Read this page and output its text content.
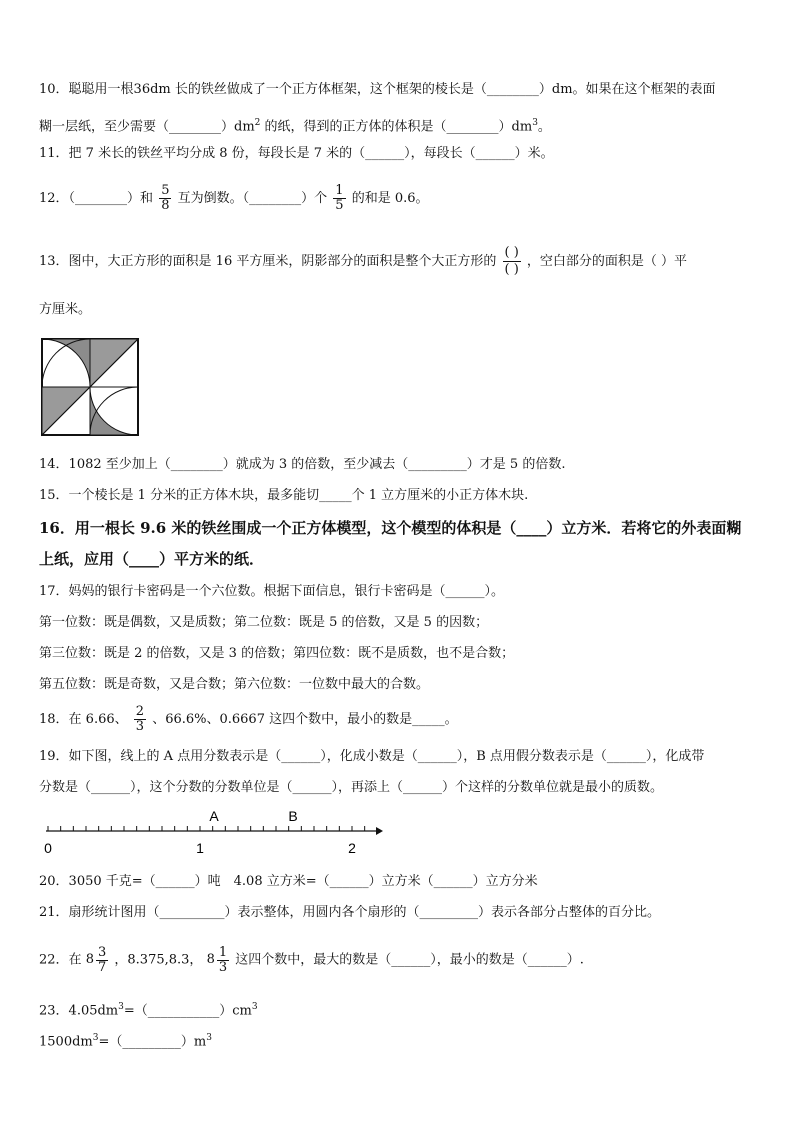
10．聪聪用一根36dm 长的铁丝做成了一个正方体框架，这个框架的棱长是（________）dm。如果在这个框架的表面
糊一层纸，至少需要$(\_\_\_\_\_\_\_\_)dm^2$ 的纸，得到的正方体的体积是$(\_\_\_\_\_\_\_\_)dm^3$。
11．把 7 米长的铁丝平均分成 8 份，每段长是 7 米的（______），每段长（______）米。
12．（________）和 $\frac{5}{8}$ 互为倒数。（________）个 $\frac{1}{5}$ 的和是 0.6。
13．图中，大正方形的面积是 16 平方厘米，阴影部分的面积是整个大正方形的 $\frac{( )}{( )}$ ，空白部分的面积是（ ）平
方厘米。
14．1082 至少加上（________）就成为 3 的倍数，至少减去（_________）才是 5 的倍数.
15．一个棱长是 1 分米的正方体木块，最多能切_____个 1 立方厘米的小正方体木块.
16．用一根长 9.6 米的铁丝围成一个正方体模型，这个模型的体积是（____）立方米．若将它的外表面糊
上纸，应用（____）平方米的纸．
17．妈妈的银行卡密码是一个六位数。根据下面信息，银行卡密码是（______）。
第一位数：既是偶数，又是质数；第二位数：既是 5 的倍数，又是 5 的因数；
第三位数：既是 2 的倍数，又是 3 的倍数；第四位数：既不是质数，也不是合数；
第五位数：既是奇数，又是合数；第六位数：一位数中最大的合数。
18．在 6.66、 $\frac{2}{3}$ 、66.6%、0.6667 这四个数中，最小的数是_____。
19．如下图，线上的 A 点用分数表示是（______），化成小数是（______），B 点用假分数表示是（______），化成带
分数是（______），这个分数的分数单位是（______），再添上（______）个这样的分数单位就是最小的质数。
A	B
0	1	2
20．3050 千克=（______）吨　4.08 立方米=（______）立方米（______）立方分米
21．扇形统计图用（__________）表示整体，用圆内各个扇形的（_________）表示各部分占整体的百分比。
22．在 $8 \frac{3}{7}$ ，8.375,8.3， $8 \frac{1}{3}$ 这四个数中，最大的数是（______），最小的数是（______）.
23．$4.05dm^3=(\_\_\_\_\_\_\_\_\_\_\_)cm^3$
$1500dm^3=(\_\_\_\_\_\_\_\_\_)m^3$
